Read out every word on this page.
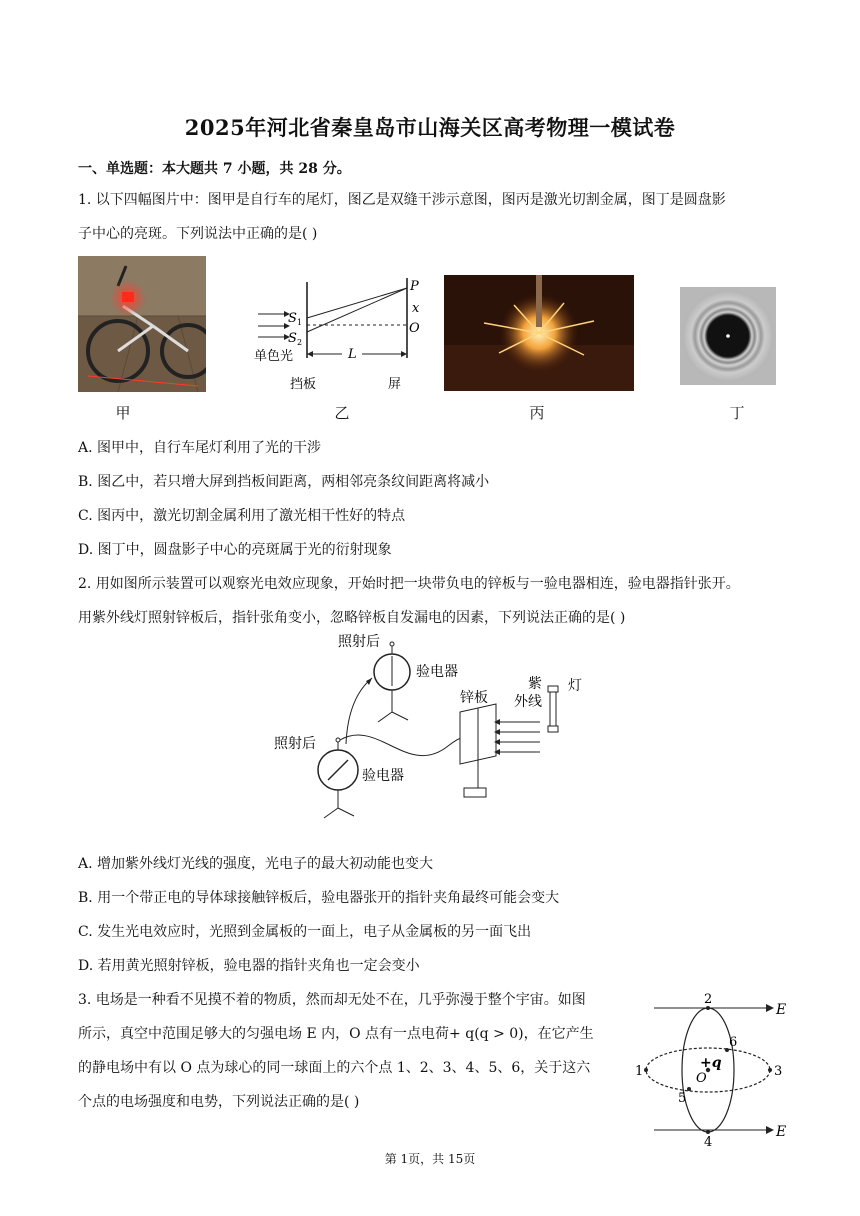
2025年河北省秦皇岛市山海关区高考物理一模试卷
一、单选题：本大题共 7 小题，共 28 分。
1. 以下四幅图片中：图甲是自行车的尾灯，图乙是双缝干涉示意图，图丙是激光切割金属，图丁是圆盘影
子中心的亮斑。下列说法中正确的是( )
S 1
S 2
单色光
挡板	屏
P
x
O
L
甲	乙	丙	丁
A. 图甲中，自行车尾灯利用了光的干涉
B. 图乙中，若只增大屏到挡板间距离，两相邻亮条纹间距离将减小
C. 图丙中，激光切割金属利用了激光相干性好的特点
D. 图丁中，圆盘影子中心的亮斑属于光的衍射现象
2. 用如图所示装置可以观察光电效应现象，开始时把一块带负电的锌板与一验电器相连，验电器指针张开。
用紫外线灯照射锌板后，指针张角变小，忽略锌板自发漏电的因素，下列说法正确的是( )
照射后
验电器
照射后
验电器
锌板
紫
外线
灯
A. 增加紫外线灯光线的强度，光电子的最大初动能也变大
B. 用一个带正电的导体球接触锌板后，验电器张开的指针夹角最终可能会变大
C. 发生光电效应时，光照到金属板的一面上，电子从金属板的另一面飞出
D. 若用黄光照射锌板，验电器的指针夹角也一定会变小
3. 电场是一种看不见摸不着的物质，然而却无处不在，几乎弥漫于整个宇宙。如图
所示，真空中范围足够大的匀强电场 E 内，O 点有一点电荷+ q(q > 0)，在它产生
的静电场中有以 O 点为球心的同一球面上的六个点 1、2、3、4、5、6，关于这六
个点的电场强度和电势，下列说法正确的是( )
E
E
2
4
1	3
6
5
+q
O
第 1页，共 15页
